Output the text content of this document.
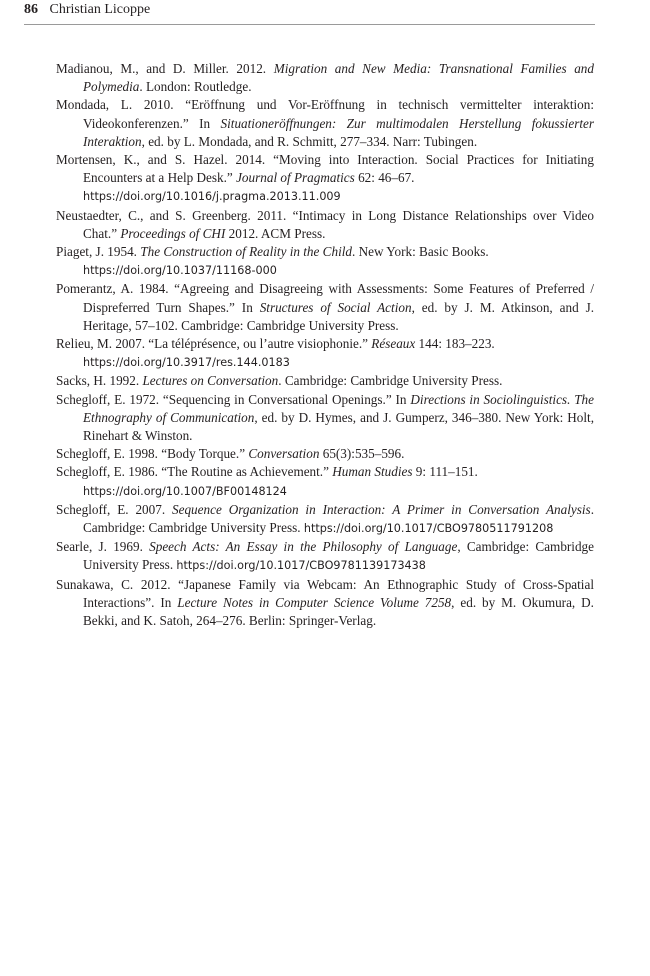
86 Christian Licoppe
Madianou, M., and D. Miller. 2012. Migration and New Media: Transnational Families and Polymedia. London: Routledge.
Mondada, L. 2010. “Eröffnung und Vor-Eröffnung in technisch vermittelter interaktion: Videokonferenzen.” In Situationeröffnungen: Zur multimodalen Herstellung fokussierter Interaktion, ed. by L. Mondada, and R. Schmitt, 277–334. Narr: Tubingen.
Mortensen, K., and S. Hazel. 2014. “Moving into Interaction. Social Practices for Initiating Encounters at a Help Desk.” Journal of Pragmatics 62: 46–67.
https://doi.org/10.1016/j.pragma.2013.11.009
Neustaedter, C., and S. Greenberg. 2011. “Intimacy in Long Distance Relationships over Video Chat.” Proceedings of CHI 2012. ACM Press.
Piaget, J. 1954. The Construction of Reality in the Child. New York: Basic Books.
https://doi.org/10.1037/11168-000
Pomerantz, A. 1984. “Agreeing and Disagreeing with Assessments: Some Features of Preferred / Dispreferred Turn Shapes.” In Structures of Social Action, ed. by J. M. Atkinson, and J. Heritage, 57–102. Cambridge: Cambridge University Press.
Relieu, M. 2007. “La téléprésence, ou l’autre visiophonie.” Réseaux 144: 183–223.
https://doi.org/10.3917/res.144.0183
Sacks, H. 1992. Lectures on Conversation. Cambridge: Cambridge University Press.
Schegloff, E. 1972. “Sequencing in Conversational Openings.” In Directions in Sociolinguistics. The Ethnography of Communication, ed. by D. Hymes, and J. Gumperz, 346–380. New York: Holt, Rinehart & Winston.
Schegloff, E. 1998. “Body Torque.” Conversation 65(3):535–596.
Schegloff, E. 1986. “The Routine as Achievement.” Human Studies 9: 111–151.
https://doi.org/10.1007/BF00148124
Schegloff, E. 2007. Sequence Organization in Interaction: A Primer in Conversation Analysis. Cambridge: Cambridge University Press. https://doi.org/10.1017/CBO9780511791208
Searle, J. 1969. Speech Acts: An Essay in the Philosophy of Language, Cambridge: Cambridge University Press. https://doi.org/10.1017/CBO9781139173438
Sunakawa, C. 2012. “Japanese Family via Webcam: An Ethnographic Study of Cross-Spatial Interactions”. In Lecture Notes in Computer Science Volume 7258, ed. by M. Okumura, D. Bekki, and K. Satoh, 264–276. Berlin: Springer-Verlag.
